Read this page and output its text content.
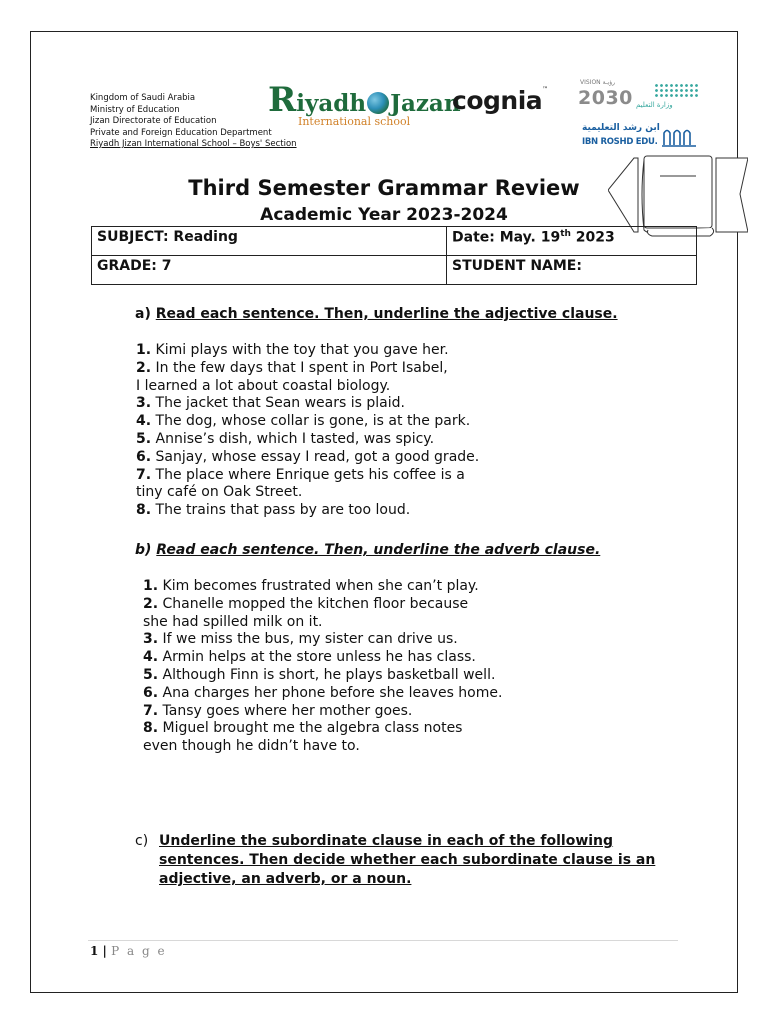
Kingdom of Saudi Arabia
Ministry of Education
Jizan Directorate of Education
Private and Foreign Education Department
Riyadh Jizan International School – Boys' Section
Riyadh Jazan
International school
cognia™
VISION رؤيـة
2030 وزارة التعليم
ابن رشد التعليمية
IBN ROSHD EDU.
Third Semester Grammar Review
Academic Year 2023-2024
SUBJECT: Reading	Date: May. 19th 2023
GRADE: 7	STUDENT NAME:
a) Read each sentence. Then, underline the adjective clause.
1. Kimi plays with the toy that you gave her.
2. In the few days that I spent in Port Isabel,
I learned a lot about coastal biology.
3. The jacket that Sean wears is plaid.
4. The dog, whose collar is gone, is at the park.
5. Annise’s dish, which I tasted, was spicy.
6. Sanjay, whose essay I read, got a good grade.
7. The place where Enrique gets his coffee is a
tiny café on Oak Street.
8. The trains that pass by are too loud.
b) Read each sentence. Then, underline the adverb clause.
1. Kim becomes frustrated when she can’t play.
2. Chanelle mopped the kitchen floor because
she had spilled milk on it.
3. If we miss the bus, my sister can drive us.
4. Armin helps at the store unless he has class.
5. Although Finn is short, he plays basketball well.
6. Ana charges her phone before she leaves home.
7. Tansy goes where her mother goes.
8. Miguel brought me the algebra class notes
even though he didn’t have to.
c) Underline the subordinate clause in each of the following sentences. Then decide whether each subordinate clause is an adjective, an adverb, or a noun.
1 | P a g e
